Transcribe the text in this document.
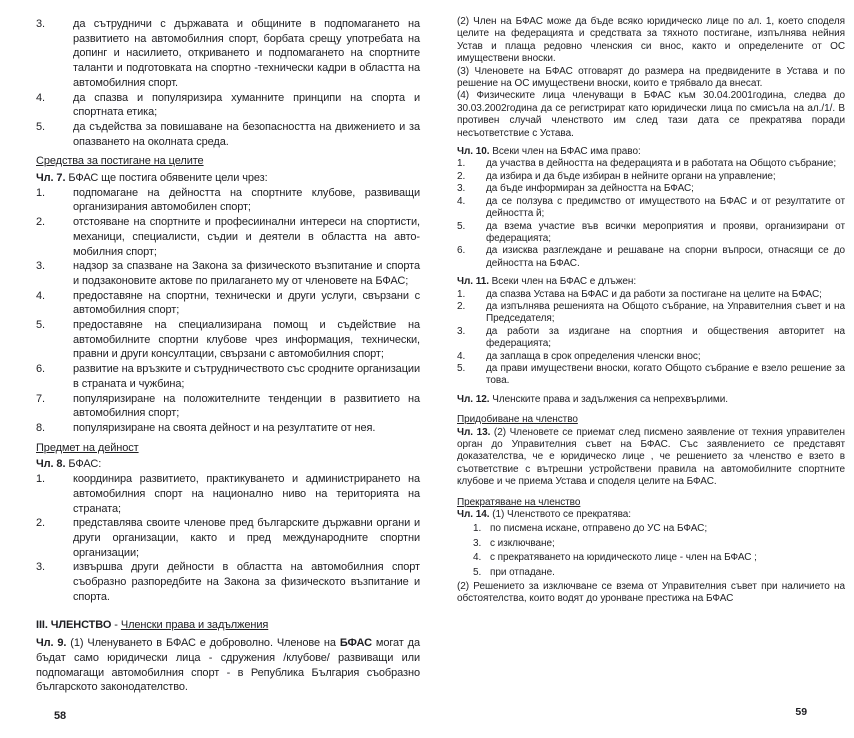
3.	да сътрудничи с държавата и общините в подпомагането на развитието на автомобилния спорт, борбата срещу употребата на допинг и насилието, откриването и подпомагането на спортните таланти и подготовката на спортно -технически кадри в областта на автомобилния спорт.
4.	да спазва и популяризира хуманните принципи на спорта и спортната етика;
5.	да съдейства за повишаване на безопасността на движението и за опазването на околната среда.
Средства за постигане на целите

Чл. 7. БФАС ще постига обявените цели чрез:

1.	подпомагане на дейността на спортните клубове, развиващи организирания автомобилен спорт;
2.	отстояване на спортните и професиинални интереси на спортисти, механици, специалисти, съдии и деятели в областта на авто-мобилния спорт;
3.	надзор за спазване на Закона за физическото възпитание и спорта и подзаконовите актове по прилагането му от членовете на БФАС;
4.	предоставяне на спортни, технически и други услуги, свързани с автомобилния спорт;
5.	предоставяне на специализирана помощ и съдействие на автомобилните спортни клубове чрез информация, технически, правни и други консултации, свързани с автомобилния спорт;
6.	развитие на връзките и сътрудничеството със сродните организации в страната и чужбина;
7.	популяризиране на положителните тенденции в развитието на автомобилния спорт;
8.	популяризиране на своята дейност и на резултатите от нея.
Предмет на дейност

Чл. 8. БФАС:

1.	координира развитието, практикуването и администрирането на автомобилния спорт на национално ниво на територията на страната;
2.	представлява своите членове пред българските държавни органи и други организации, както и пред международните спортни организации;
3.	извършва други дейности в областта на автомобилния спорт съобразно разпоредбите на Закона за физическото възпитание и спорта.

III. ЧЛЕНСТВО - Членски права и задължения

Чл. 9. (1) Членуването в БФАС е доброволно. Членове на БФАС могат да бъдат само юридически лица - сдружения /клубове/ развиващи или подпомагащи автомобилния спорт - в Република България съобразно българското законодателство.

58

(2) Член на БФАС може да бъде всяко юридическо лице по ал. 1, което споделя целите на федерацията и средствата за тяхното постигане, изпълнява нейния Устав и плаща редовно членския си внос, както и определените от ОС имуществени вноски.

(3) Членовете на БФАС отговарят до размера на предвидените в Устава и по решение на ОС имуществени вноски, които е трябвало да внесат.

(4) Физическите лица членуващи в БФАС към 30.04.2001година, следва до 30.03.2002година да се регистрират като юридически лица по смисъла на ал./1/. В противен случай членството им след тази дата се прекратява поради несъответствие с Устава.

Чл. 10. Всеки член на БФАС има право:

1.	да участва в дейността на федерацията и в работата на Общото събрание;
2.	да избира и да бъде избиран в нейните органи на управление;
3.	да бъде информиран за дейността на БФАС;
4.	да се ползува с предимство от имуществото на БФАС и от резултатите от дейността й;
5.	да взема участие във всички мероприятия и прояви, организирани от федерацията;
6.	да изисква разглеждане и решаване на спорни въпроси, отнасящи се до дейността на БФАС.

Чл. 11. Всеки член на БФАС е длъжен:

1.	да спазва Устава на БФАС и да работи за постигане на целите на БФАС;
2.	да изпълнява решенията на Общото събрание, на Управителния съвет и на Председателя;
3.	да работи за издигане на спортния и обществения авторитет на федерацията;
4.	да заплаща в срок определения членски внос;
5.	да прави имуществени вноски, когато Общото събрание е взело решение за това.

Чл. 12. Членските права и задължения са непрехвърлими.

Придобиване на членство

Чл. 13. (2) Членовете се приемат след писмено заявление от техния управителен орган до Управителния съвет на БФАС. Със заявлението се представят доказателства, че е юридическо лице , че решението за членство е взето в съответствие с вътрешни устройствени правила на автомобилните спортните клубове и че приема Устава и споделя целите на БФАС.

Прекратяване на членство

Чл. 14. (1) Членството се прекратява:

1. по писмена искане, отправено до УС на БФАС;
3. с изключване;
4. с прекратяването на юридическото лице - член на БФАС ;
5. при отпадане.

(2) Решението за изключване се взема от Управителния съвет при наличието на обстоятелства, които водят до уронване престижа на БФАС

59
